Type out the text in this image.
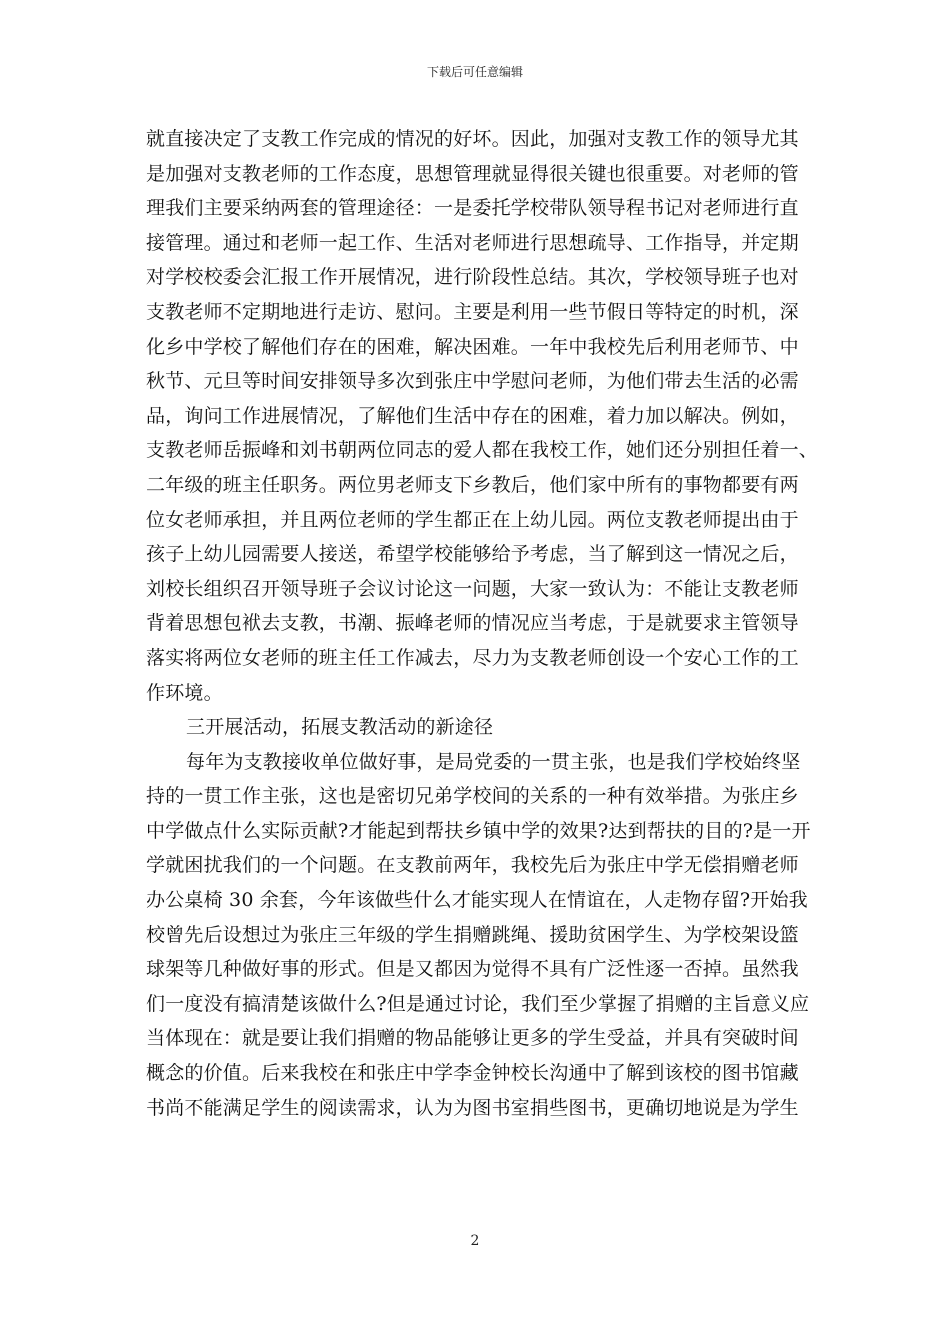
下载后可任意编辑
就直接决定了支教工作完成的情况的好坏。因此，加强对支教工作的领导尤其
是加强对支教老师的工作态度，思想管理就显得很关键也很重要。对老师的管
理我们主要采纳两套的管理途径：一是委托学校带队领导程书记对老师进行直
接管理。通过和老师一起工作、生活对老师进行思想疏导、工作指导，并定期
对学校校委会汇报工作开展情况，进行阶段性总结。其次，学校领导班子也对
支教老师不定期地进行走访、慰问。主要是利用一些节假日等特定的时机，深
化乡中学校了解他们存在的困难，解决困难。一年中我校先后利用老师节、中
秋节、元旦等时间安排领导多次到张庄中学慰问老师，为他们带去生活的必需
品，询问工作进展情况，了解他们生活中存在的困难，着力加以解决。例如，
支教老师岳振峰和刘书朝两位同志的爱人都在我校工作，她们还分别担任着一、
二年级的班主任职务。两位男老师支下乡教后，他们家中所有的事物都要有两
位女老师承担，并且两位老师的学生都正在上幼儿园。两位支教老师提出由于
孩子上幼儿园需要人接送，希望学校能够给予考虑，当了解到这一情况之后，
刘校长组织召开领导班子会议讨论这一问题，大家一致认为：不能让支教老师
背着思想包袱去支教，书潮、振峰老师的情况应当考虑，于是就要求主管领导
落实将两位女老师的班主任工作减去，尽力为支教老师创设一个安心工作的工
作环境。
三开展活动，拓展支教活动的新途径
每年为支教接收单位做好事，是局党委的一贯主张，也是我们学校始终坚
持的一贯工作主张，这也是密切兄弟学校间的关系的一种有效举措。为张庄乡
中学做点什么实际贡献?才能起到帮扶乡镇中学的效果?达到帮扶的目的?是一开
学就困扰我们的一个问题。在支教前两年，我校先后为张庄中学无偿捐赠老师
办公桌椅 30 余套，今年该做些什么才能实现人在情谊在，人走物存留?开始我
校曾先后设想过为张庄三年级的学生捐赠跳绳、援助贫困学生、为学校架设篮
球架等几种做好事的形式。但是又都因为觉得不具有广泛性逐一否掉。虽然我
们一度没有搞清楚该做什么?但是通过讨论，我们至少掌握了捐赠的主旨意义应
当体现在：就是要让我们捐赠的物品能够让更多的学生受益，并具有突破时间
概念的价值。后来我校在和张庄中学李金钟校长沟通中了解到该校的图书馆藏
书尚不能满足学生的阅读需求，认为为图书室捐些图书，更确切地说是为学生
2
